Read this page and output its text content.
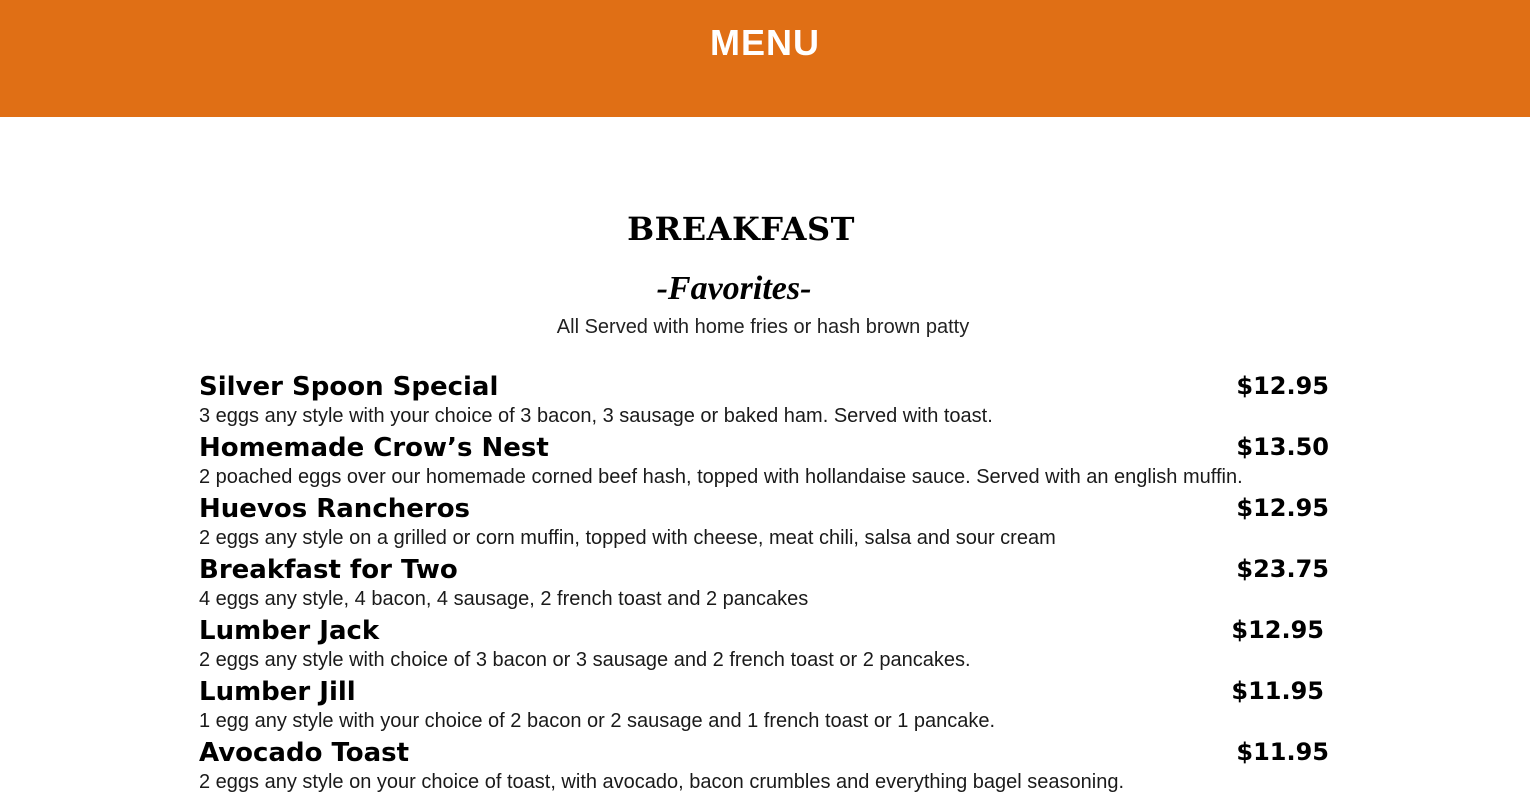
MENU
BREAKFAST
-Favorites-
All Served with home fries or hash brown patty
Silver Spoon Special	$12.95
3 eggs any style with your choice of 3 bacon, 3 sausage or baked ham. Served with toast.
Homemade Crow’s Nest	$13.50
2 poached eggs over our homemade corned beef hash, topped with hollandaise sauce. Served with an english muffin.
Huevos Rancheros	$12.95
2 eggs any style on a grilled or corn muffin, topped with cheese, meat chili, salsa and sour cream
Breakfast for Two	$23.75
4 eggs any style, 4 bacon, 4 sausage, 2 french toast and 2 pancakes
Lumber Jack	$12.95
2 eggs any style with choice of 3 bacon or 3 sausage and 2 french toast or 2 pancakes.
Lumber Jill	$11.95
1 egg any style with your choice of 2 bacon or 2 sausage and 1 french toast or 1 pancake.
Avocado Toast	$11.95
2 eggs any style on your choice of toast, with avocado, bacon crumbles and everything bagel seasoning.
